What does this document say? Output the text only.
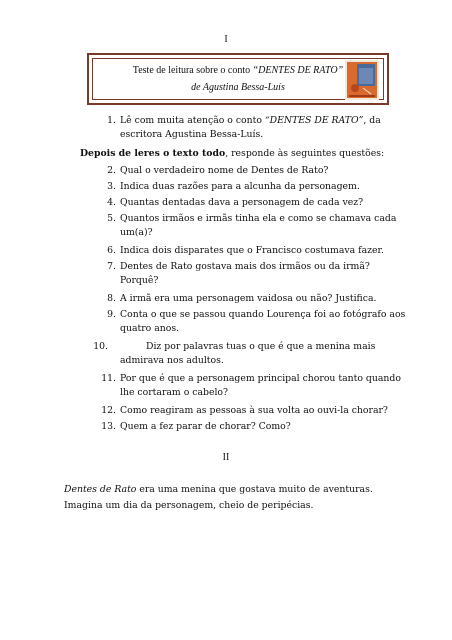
I
Teste de leitura sobre o conto “DENTES DE RATO”
de Agustina Bessa-Luís
1. Lê com muita atenção o conto “DENTES DE RATO”, da
escritora Agustina Bessa-Luís.
Depois de leres o texto todo, responde às seguintes questões:
2. Qual o verdadeiro nome de Dentes de Rato?
3. Indica duas razões para a alcunha da personagem.
4. Quantas dentadas dava a personagem de cada vez?
5. Quantos irmãos e irmãs tinha ela e como se chamava cada
um(a)?
6. Indica dois disparates que o Francisco costumava fazer.
7. Dentes de Rato gostava mais dos irmãos ou da irmã?
Porquê?
8. A irmã era uma personagem vaidosa ou não? Justifica.
9. Conta o que se passou quando Lourença foi ao fotógrafo aos
quatro anos.
10.	Diz por palavras tuas o que é que a menina mais
admirava nos adultos.
11. Por que é que a personagem principal chorou tanto quando
lhe cortaram o cabelo?
12. Como reagiram as pessoas à sua volta ao ouvi-la chorar?
13. Quem a fez parar de chorar? Como?
II
Dentes de Rato era uma menina que gostava muito de aventuras.
Imagina um dia da personagem, cheio de peripécias.
